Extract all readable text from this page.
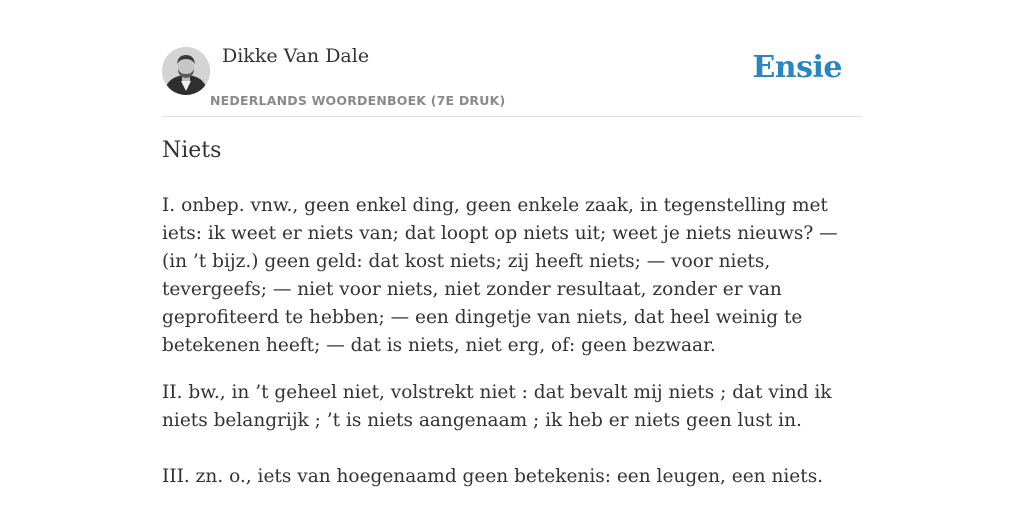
Dikke Van Dale
NEDERLANDS WOORDENBOEK (7E DRUK)
Ensie
Niets

I. onbep. vnw., geen enkel ding, geen enkele zaak, in tegenstelling met iets: ik weet er niets van; dat loopt op niets uit; weet je niets nieuws? — (in ’t bijz.) geen geld: dat kost niets; zij heeft niets; — voor niets, tevergeefs; — niet voor niets, niet zonder resultaat, zonder er van geprofiteerd te hebben; — een dingetje van niets, dat heel weinig te betekenen heeft; — dat is niets, niet erg, of: geen bezwaar.

II. bw., in ’t geheel niet, volstrekt niet : dat bevalt mij niets ; dat vind ik niets belangrijk ; ’t is niets aangenaam ; ik heb er niets geen lust in.

III. zn. o., iets van hoegenaamd geen betekenis: een leugen, een niets.
